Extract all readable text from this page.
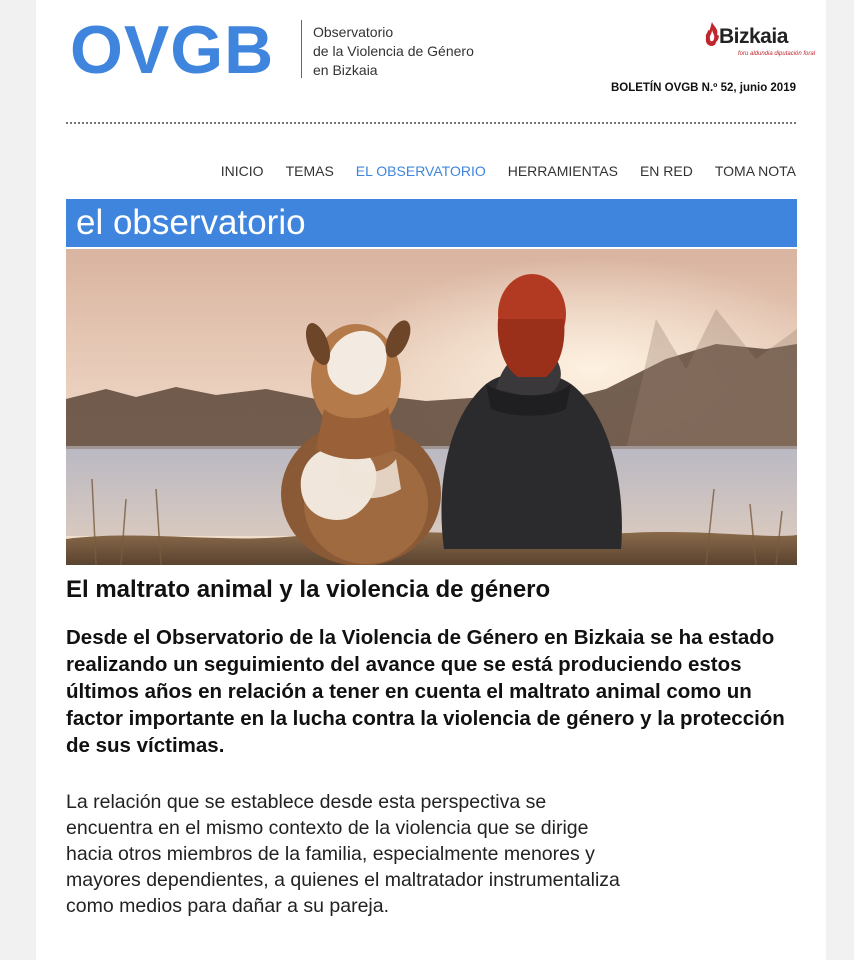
OVGB	Observatorio
de la Violencia de Género
en Bizkaia
Bizkaia
foru aldundia diputación foral
BOLETÍN OVGB N.º 52, junio 2019
INICIO TEMAS EL OBSERVATORIO HERRAMIENTAS EN RED TOMA NOTA
el observatorio
El maltrato animal y la violencia de género

Desde el Observatorio de la Violencia de Género en Bizkaia se ha estado realizando un seguimiento del avance que se está produciendo estos últimos años en relación a tener en cuenta el maltrato animal como un factor importante en la lucha contra la violencia de género y la protección de sus víctimas.

La relación que se establece desde esta perspectiva se encuentra en el mismo contexto de la violencia que se dirige hacia otros miembros de la familia, especialmente menores y mayores dependientes, a quienes el maltratador instrumentaliza como medios para dañar a su pareja.
